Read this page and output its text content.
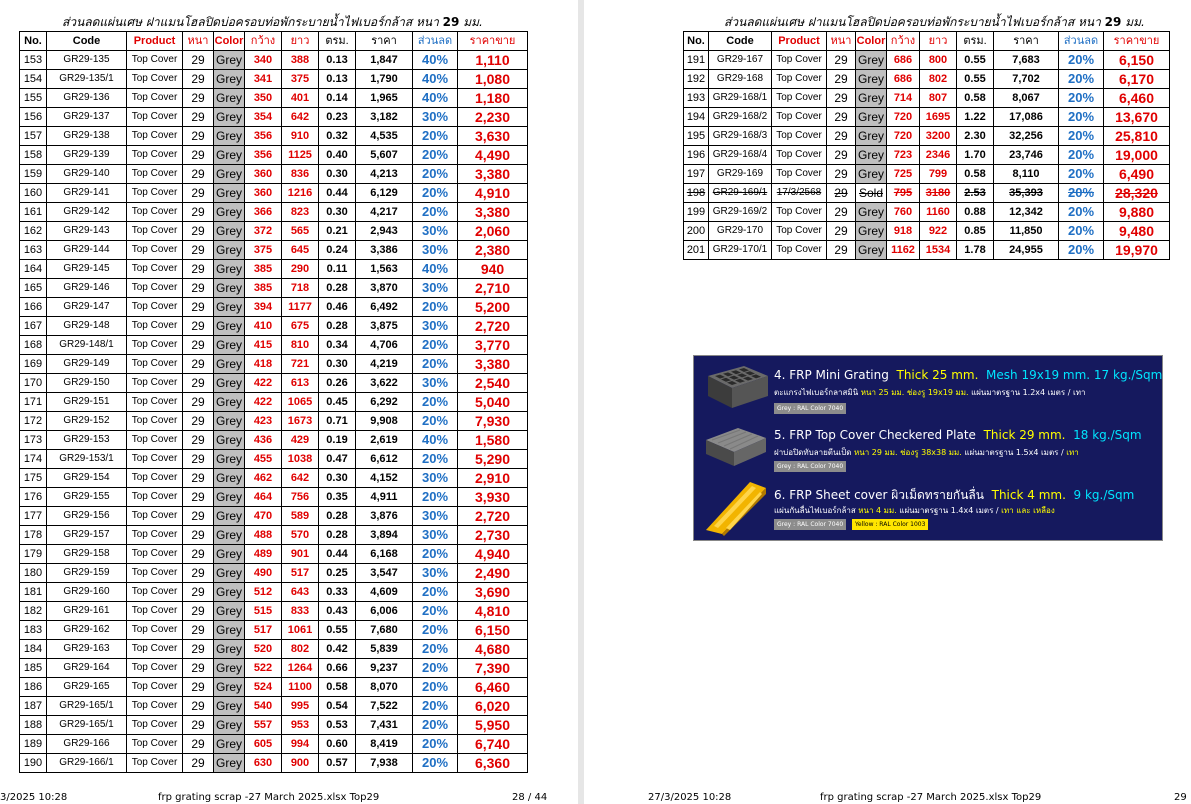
ส่วนลดแผ่นเศษ ฝาแมนโฮลปิดบ่อครอบท่อพักระบายน้ำไฟเบอร์กล้าส หนา 29 มม.
No.	Code	Product	หนา	Color	กว้าง	ยาว	ตรม.	ราคา	ส่วนลด	ราคาขาย
153	GR29-135	Top Cover	29	Grey	340	388	0.13	1,847	40%	1,110
154	GR29-135/1	Top Cover	29	Grey	341	375	0.13	1,790	40%	1,080
155	GR29-136	Top Cover	29	Grey	350	401	0.14	1,965	40%	1,180
156	GR29-137	Top Cover	29	Grey	354	642	0.23	3,182	30%	2,230
157	GR29-138	Top Cover	29	Grey	356	910	0.32	4,535	20%	3,630
158	GR29-139	Top Cover	29	Grey	356	1125	0.40	5,607	20%	4,490
159	GR29-140	Top Cover	29	Grey	360	836	0.30	4,213	20%	3,380
160	GR29-141	Top Cover	29	Grey	360	1216	0.44	6,129	20%	4,910
161	GR29-142	Top Cover	29	Grey	366	823	0.30	4,217	20%	3,380
162	GR29-143	Top Cover	29	Grey	372	565	0.21	2,943	30%	2,060
163	GR29-144	Top Cover	29	Grey	375	645	0.24	3,386	30%	2,380
164	GR29-145	Top Cover	29	Grey	385	290	0.11	1,563	40%	940
165	GR29-146	Top Cover	29	Grey	385	718	0.28	3,870	30%	2,710
166	GR29-147	Top Cover	29	Grey	394	1177	0.46	6,492	20%	5,200
167	GR29-148	Top Cover	29	Grey	410	675	0.28	3,875	30%	2,720
168	GR29-148/1	Top Cover	29	Grey	415	810	0.34	4,706	20%	3,770
169	GR29-149	Top Cover	29	Grey	418	721	0.30	4,219	20%	3,380
170	GR29-150	Top Cover	29	Grey	422	613	0.26	3,622	30%	2,540
171	GR29-151	Top Cover	29	Grey	422	1065	0.45	6,292	20%	5,040
172	GR29-152	Top Cover	29	Grey	423	1673	0.71	9,908	20%	7,930
173	GR29-153	Top Cover	29	Grey	436	429	0.19	2,619	40%	1,580
174	GR29-153/1	Top Cover	29	Grey	455	1038	0.47	6,612	20%	5,290
175	GR29-154	Top Cover	29	Grey	462	642	0.30	4,152	30%	2,910
176	GR29-155	Top Cover	29	Grey	464	756	0.35	4,911	20%	3,930
177	GR29-156	Top Cover	29	Grey	470	589	0.28	3,876	30%	2,720
178	GR29-157	Top Cover	29	Grey	488	570	0.28	3,894	30%	2,730
179	GR29-158	Top Cover	29	Grey	489	901	0.44	6,168	20%	4,940
180	GR29-159	Top Cover	29	Grey	490	517	0.25	3,547	30%	2,490
181	GR29-160	Top Cover	29	Grey	512	643	0.33	4,609	20%	3,690
182	GR29-161	Top Cover	29	Grey	515	833	0.43	6,006	20%	4,810
183	GR29-162	Top Cover	29	Grey	517	1061	0.55	7,680	20%	6,150
184	GR29-163	Top Cover	29	Grey	520	802	0.42	5,839	20%	4,680
185	GR29-164	Top Cover	29	Grey	522	1264	0.66	9,237	20%	7,390
186	GR29-165	Top Cover	29	Grey	524	1100	0.58	8,070	20%	6,460
187	GR29-165/1	Top Cover	29	Grey	540	995	0.54	7,522	20%	6,020
188	GR29-165/1	Top Cover	29	Grey	557	953	0.53	7,431	20%	5,950
189	GR29-166	Top Cover	29	Grey	605	994	0.60	8,419	20%	6,740
190	GR29-166/1	Top Cover	29	Grey	630	900	0.57	7,938	20%	6,360
3/2025 10:28	frp grating scrap -27 March 2025.xlsx Top29	28 / 44
ส่วนลดแผ่นเศษ ฝาแมนโฮลปิดบ่อครอบท่อพักระบายน้ำไฟเบอร์กล้าส หนา 29 มม.
No.	Code	Product	หนา	Color	กว้าง	ยาว	ตรม.	ราคา	ส่วนลด	ราคาขาย
191	GR29-167	Top Cover	29	Grey	686	800	0.55	7,683	20%	6,150
192	GR29-168	Top Cover	29	Grey	686	802	0.55	7,702	20%	6,170
193	GR29-168/1	Top Cover	29	Grey	714	807	0.58	8,067	20%	6,460
194	GR29-168/2	Top Cover	29	Grey	720	1695	1.22	17,086	20%	13,670
195	GR29-168/3	Top Cover	29	Grey	720	3200	2.30	32,256	20%	25,810
196	GR29-168/4	Top Cover	29	Grey	723	2346	1.70	23,746	20%	19,000
197	GR29-169	Top Cover	29	Grey	725	799	0.58	8,110	20%	6,490
198	GR29-169/1	17/3/2568	29	Sold	795	3180	2.53	35,393	20%	28,320
199	GR29-169/2	Top Cover	29	Grey	760	1160	0.88	12,342	20%	9,880
200	GR29-170	Top Cover	29	Grey	918	922	0.85	11,850	20%	9,480
201	GR29-170/1	Top Cover	29	Grey	1162	1534	1.78	24,955	20%	19,970
27/3/2025 10:28	frp grating scrap -27 March 2025.xlsx Top29	29
4. FRP Mini Grating Thick 25 mm. Mesh 19x19 mm. 17 kg./Sqm
ตะแกรงไฟเบอร์กลาสมินิ หนา 25 มม. ช่องรู 19x19 มม. แผ่นมาตรฐาน 1.2x4 เมตร / เทา
Grey : RAL Color 7040
5. FRP Top Cover Checkered Plate Thick 29 mm. 18 kg./Sqm
ฝาบ่อปิดทับลายตีนเป็ด หนา 29 มม. ช่องรู 38x38 มม. แผ่นมาตรฐาน 1.5x4 เมตร / เทา
Grey : RAL Color 7040
6. FRP Sheet cover ผิวเม็ดทรายกันลื่น Thick 4 mm. 9 kg./Sqm
แผ่นกันลื่นไฟเบอร์กล้าส หนา 4 มม. แผ่นมาตรฐาน 1.4x4 เมตร / เทา และ เหลือง
Grey : RAL Color 7040	Yellow : RAL Color 1003
